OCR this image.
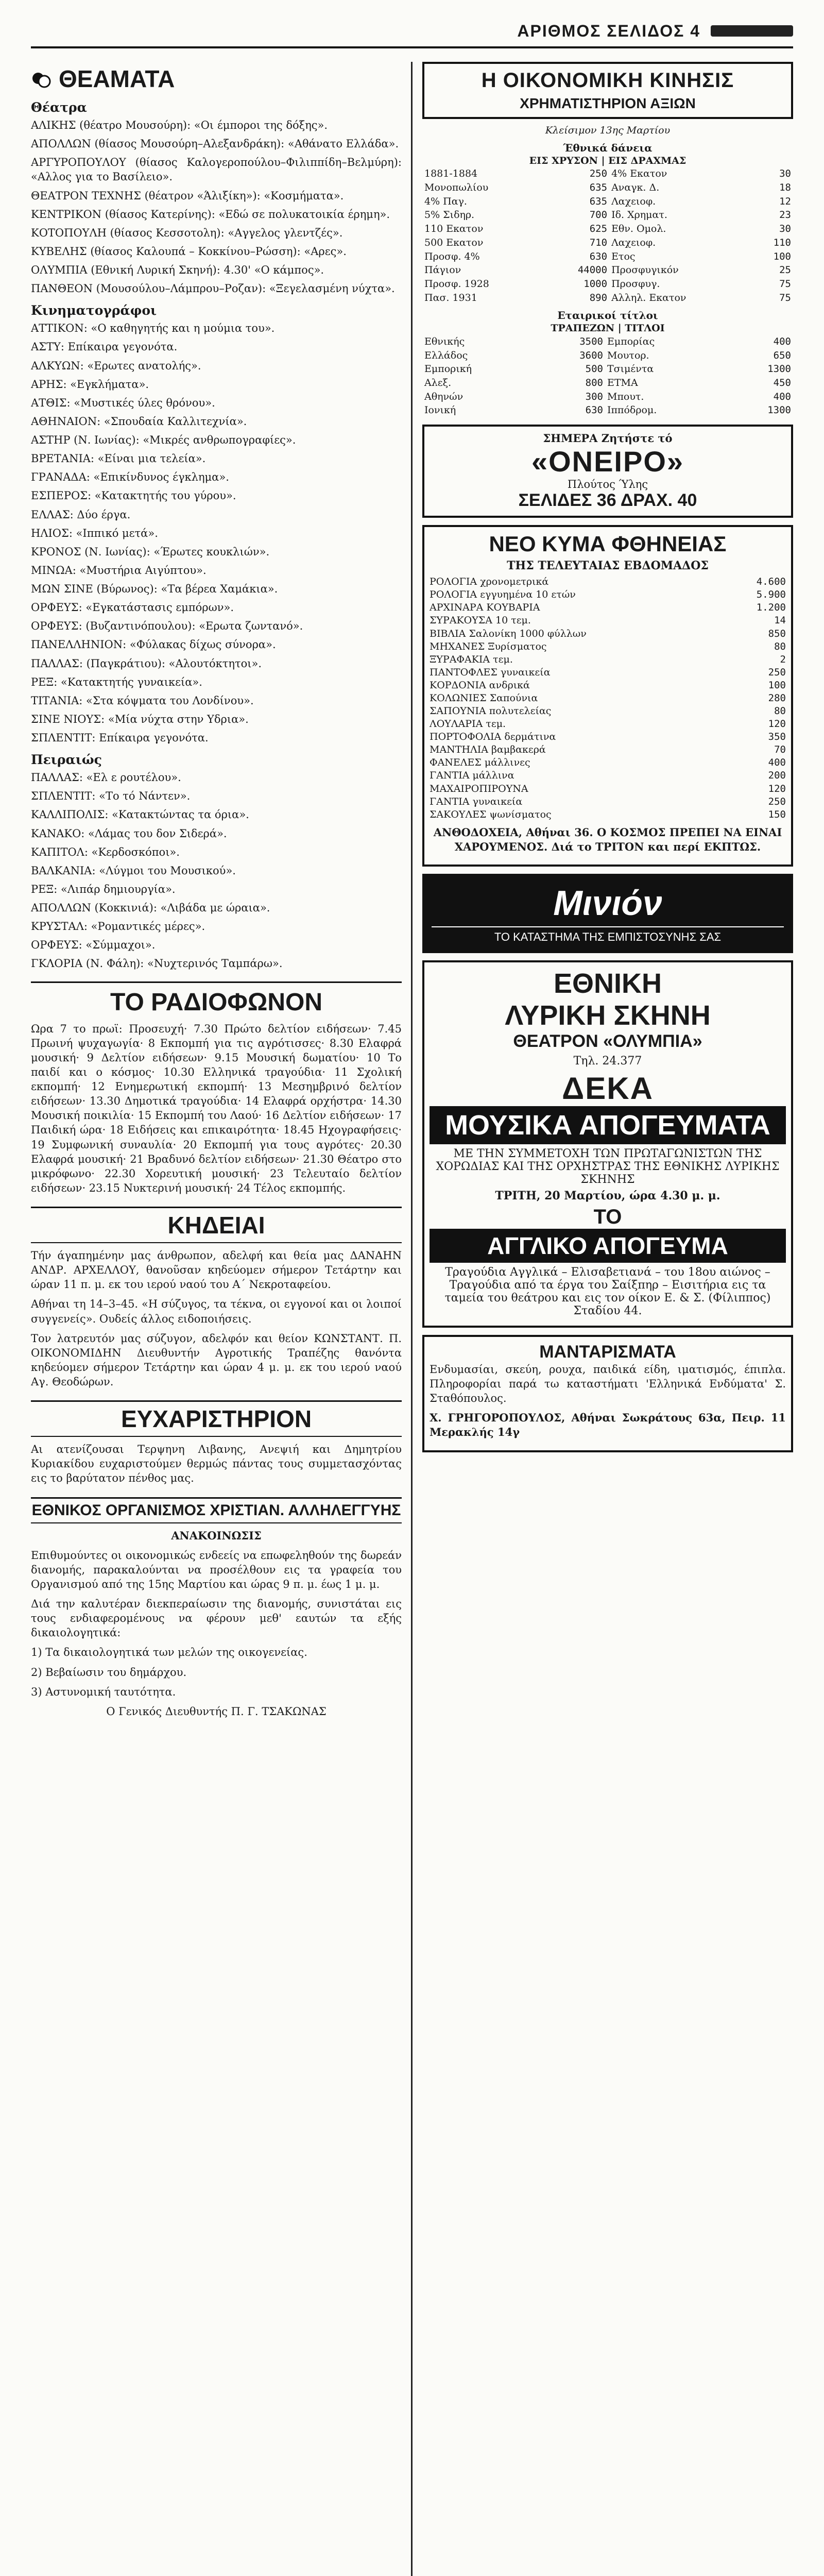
ΑΡΙΘΜΟΣ ΣΕΛΙΔΟΣ 4
ΘΕΑΜΑΤΑ
Θέατρα
ΑΛΙΚΗΣ (θέατρο Μουσούρη): «Οι έμποροι της δόξης».
ΑΠΟΛΛΩΝ (θίασος Μουσούρη–Αλεξανδράκη): «Αθάνατο Ελλάδα».
ΑΡΓΥΡΟΠΟΥΛΟΥ (θίασος Καλογεροπούλου–Φιλιππίδη–Βελμύρη): «Αλλος για το Βασίλειο».
ΘΕΑΤΡΟΝ ΤΕΧΝΗΣ (θέατρον «Άλιξίκη»): «Κοσμήματα».
ΚΕΝΤΡΙΚΟΝ (θίασος Κατερίνης): «Εδώ σε πολυκατοικία έρημη».
ΚΟΤΟΠΟΥΛΗ (θίασος Κεσσοτολη): «Αγγελος γλεντζές».
ΚΥΒΕΛΗΣ (θίασος Καλουπά – Κοκκίνου–Ρώσση): «Αρες».
ΟΛΥΜΠΙΑ (Εθνική Λυρική Σκηνή): 4.30' «Ο κάμπος».
ΠΑΝΘΕΟΝ (Μουσούλου–Λάμπρου–Ροζαν): «Ξεγελασμένη νύχτα».
Κινηματογράφοι
ΑΤΤΙΚΟΝ: «Ο καθηγητής και η μούμια του».
ΑΣΤΥ: Επίκαιρα γεγονότα.
ΑΛΚΥΩΝ: «Ερωτες ανατολής».
ΑΡΗΣ: «Εγκλήματα».
ΑΤΘΙΣ: «Μυστικές ύλες θρόνου».
ΑΘΗΝΑΙΟΝ: «Σπουδαία Καλλιτεχνία».
ΑΣΤΗΡ (Ν. Ιωνίας): «Μικρές ανθρωπογραφίες».
ΒΡΕΤΑΝΙΑ: «Είναι μια τελεία».
ΓΡΑΝΑΔΑ: «Επικίνδυνος έγκλημα».
ΕΣΠΕΡΟΣ: «Κατακτητής του γύρου».
ΕΛΛΑΣ: Δύο έργα.
ΗΛΙΟΣ: «Ιππικό μετά».
ΚΡΟΝΟΣ (Ν. Ιωνίας): «Έρωτες κουκλιών».
ΜΙΝΩΑ: «Μυστήρια Αιγύπτου».
ΜΩΝ ΣΙΝΕ (Βύρωνος): «Τα βέρεα Χαμάκια».
ΟΡΦΕΥΣ: «Εγκατάστασις εμπόρων».
ΟΡΦΕΥΣ: (Βυζαντινόπουλου): «Ερωτα ζωντανό».
ΠΑΝΕΛΛΗΝΙΟΝ: «Φύλακας δίχως σύνορα».
ΠΑΛΛΑΣ: (Παγκράτιου): «Αλουτόκτητοι».
ΡΕΞ: «Κατακτητής γυναικεία».
ΤΙΤΑΝΙΑ: «Στα κόψματα του Λονδίνου».
ΣΙΝΕ ΝΙΟΥΣ: «Μία νύχτα στην Υδρια».
ΣΠΛΕΝΤΙΤ: Επίκαιρα γεγονότα.
Πειραιώς
ΠΑΛΛΑΣ: «Ελ ε ρουτέλου».
ΣΠΛΕΝΤΙΤ: «Το τό Νάντεν».
ΚΑΛΛΙΠΟΛΙΣ: «Κατακτώντας τα όρια».
ΚΑΝΑΚΟ: «Λάμας του δον Σιδερά».
ΚΑΠΙΤΟΛ: «Κερδοσκόποι».
ΒΑΛΚΑΝΙΑ: «Λύγμοι του Μουσικού».
ΡΕΞ: «Λιπάρ δημιουργία».
ΑΠΟΛΛΩΝ (Κοκκινιά): «Λιβάδα με ώραια».
ΚΡΥΣΤΑΛ: «Ρομαντικές μέρες».
ΟΡΦΕΥΣ: «Σύμμαχοι».
ΓΚΛΟΡΙΑ (Ν. Φάλη): «Νυχτερινός Ταμπάρω».
ΤΟ ΡΑΔΙΟΦΩΝΟΝ
Ωρα 7 το πρωϊ: Προσευχή· 7.30 Πρώτο δελτίον ειδήσεων· 7.45 Πρωινή ψυχαγωγία· 8 Εκπομπή για τις αγρότισσες· 8.30 Ελαφρά μουσική· 9 Δελτίον ειδήσεων· 9.15 Μουσική δωματίου· 10 Το παιδί και ο κόσμος· 10.30 Ελληνικά τραγούδια· 11 Σχολική εκπομπή· 12 Ενημερωτική εκπομπή· 13 Μεσημβρινό δελτίον ειδήσεων· 13.30 Δημοτικά τραγούδια· 14 Ελαφρά ορχήστρα· 14.30 Μουσική ποικιλία· 15 Εκπομπή του Λαού· 16 Δελτίον ειδήσεων· 17 Παιδική ώρα· 18 Ειδήσεις και επικαιρότητα· 18.45 Ηχογραφήσεις· 19 Συμφωνική συναυλία· 20 Εκπομπή για τους αγρότες· 20.30 Ελαφρά μουσική· 21 Βραδυνό δελτίον ειδήσεων· 21.30 Θέατρο στο μικρόφωνο· 22.30 Χορευτική μουσική· 23 Τελευταίο δελτίον ειδήσεων· 23.15 Νυκτερινή μουσική· 24 Τέλος εκπομπής.
ΚΗΔΕΙΑΙ
Τήν άγαπημένην μας άνθρωπον, αδελφή και θεία μας ΔΑΝΑΗΝ ΑΝΔΡ. ΑΡΧΕΛΛΟΥ, θανοῦσαν κηδεύομεν σήμερον Τετάρτην και ώραν 11 π. μ. εκ του ιερού ναού του Α΄ Νεκροταφείου.
Αθήναι τη 14–3–45. «Η σύζυγος, τα τέκνα, οι εγγονοί και οι λοιποί συγγενείς». Ουδείς άλλος ειδοποιήσεις.
Τον λατρευτόν μας σύζυγον, αδελφόν και θείον ΚΩΝΣΤΑΝΤ. Π. ΟΙΚΟΝΟΜΙΔΗΝ Διευθυντήν Αγροτικής Τραπέζης θανόντα κηδεύομεν σήμερον Τετάρτην και ώραν 4 μ. μ. εκ του ιερού ναού Αγ. Θεοδώρων.
ΕΥΧΑΡΙΣΤΗΡΙΟΝ
Αι ατενίζουσαι Τερψηνη Λιβανης, Ανεψιή και Δημητρίου Κυριακίδου ευχαριστούμεν θερμώς πάντας τους συμμετασχόντας εις το βαρύτατον πένθος μας.
ΕΘΝΙΚΟΣ ΟΡΓΑΝΙΣΜΟΣ ΧΡΙΣΤΙΑΝ. ΑΛΛΗΛΕΓΓΥΗΣ
ΑΝΑΚΟΙΝΩΣΙΣ
Επιθυμούντες οι οικονομικώς ενδεείς να επωφεληθούν της δωρεάν διανομής, παρακαλούνται να προσέλθουν εις τα γραφεία του Οργανισμού από της 15ης Μαρτίου και ώρας 9 π. μ. έως 1 μ. μ.
Διά την καλυτέραν διεκπεραίωσιν της διανομής, συνιστάται εις τους ενδιαφερομένους να φέρουν μεθ' εαυτών τα εξής δικαιολογητικά:
1) Τα δικαιολογητικά των μελών της οικογενείας.
2) Βεβαίωσιν του δημάρχου.
3) Αστυνομική ταυτότητα.
Ο Γενικός Διευθυντής Π. Γ. ΤΣΑΚΩΝΑΣ
Η ΟΙΚΟΝΟΜΙΚΗ ΚΙΝΗΣΙΣ
ΧΡΗΜΑΤΙΣΤΗΡΙΟΝ ΑΞΙΩΝ
Κλείσιμον 13ης Μαρτίου
Έθνικά δάνεια
ΕΙΣ ΧΡΥΣΟΝ | ΕΙΣ ΔΡΑΧΜΑΣ
1881-1884	250	4% Εκατον	30
Μονοπωλίου	635	Αναγκ. Δ.	18
4% Παγ.	635	Λαχειοφ.	12
5% Σιδηρ.	700	Ιδ. Χρηματ.	23
110 Εκατον	625	Εθν. Ομολ.	30
500 Εκατον	710	Λαχειοφ.	110
Προσφ. 4%	630	Ετος	100
Πάγιον	44000	Προσφυγικόν	25
Προσφ. 1928	1000	Προσφυγ.	75
Πασ. 1931	890	Αλληλ. Εκατον	75
Εταιρικοί τίτλοι
ΤΡΑΠΕΖΩΝ | ΤΙΤΛΟΙ
Εθνικής	3500	Εμπορίας	400
Ελλάδος	3600	Μουτορ.	650
Εμπορική	500	Τσιμέντα	1300
Αλεξ.	800	ΕΤΜΑ	450
Αθηνών	300	Μπουτ.	400
Ιονική	630	Ιππόδρομ.	1300
ΣΗΜΕΡΑ Ζητήστε τό
«ΟΝΕΙΡΟ»
Πλούτος Ύλης
ΣΕΛΙΔΕΣ 36 ΔΡΑΧ. 40
ΝΕΟ ΚΥΜΑ ΦΘΗΝΕΙΑΣ
ΤΗΣ ΤΕΛΕΥΤΑΙΑΣ ΕΒΔΟΜΑΔΟΣ
ΡΟΛΟΓΙΑ χρονομετρικά	4.600
ΡΟΛΟΓΙΑ εγγυημένα 10 ετών	5.900
ΑΡΧΙΝΑΡΑ ΚΟΥΒΑΡΙΑ	1.200
ΣΥΡΑΚΟΥΣΑ 10 τεμ.	14
ΒΙΒΛΙΑ Σαλονίκη 1000 φύλλων	850
ΜΗΧΑΝΕΣ Ξυρίσματος	80
ΞΥΡΑΦΑΚΙΑ τεμ.	2
ΠΑΝΤΟΦΛΕΣ γυναικεία	250
ΚΟΡΔΟΝΙΑ ανδρικά	100
ΚΟΛΩΝΙΕΣ Σαπούνια	280
ΣΑΠΟΥΝΙΑ πολυτελείας	80
ΛΟΥΛΑΡΙΑ τεμ.	120
ΠΟΡΤΟΦΟΛΙΑ δερμάτινα	350
ΜΑΝΤΗΛΙΑ βαμβακερά	70
ΦΑΝΕΛΕΣ μάλλινες	400
ΓΑΝΤΙΑ μάλλινα	200
ΜΑΧΑΙΡΟΠΙΡΟΥΝΑ	120
ΓΑΝΤΙΑ γυναικεία	250
ΣΑΚΟΥΛΕΣ ψωνίσματος	150
ΑΝΘΟΔΟΧΕΙΑ, Αθήναι 36. Ο ΚΟΣΜΟΣ ΠΡΕΠΕΙ ΝΑ ΕΙΝΑΙ ΧΑΡΟΥΜΕΝΟΣ. Διά το ΤΡΙΤΟΝ και περί ΕΚΠΤΩΣ.
Μινιόν
ΤΟ ΚΑΤΑΣΤΗΜΑ ΤΗΣ ΕΜΠΙΣΤΟΣΥΝΗΣ ΣΑΣ
ΕΘΝΙΚΗ
ΛΥΡΙΚΗ ΣΚΗΝΗ
ΘΕΑΤΡΟΝ «ΟΛΥΜΠΙΑ»
Τηλ. 24.377
ΔΕΚΑ
ΜΟΥΣΙΚΑ ΑΠΟΓΕΥΜΑΤΑ
ΜΕ ΤΗΝ ΣΥΜΜΕΤΟΧΗ ΤΩΝ ΠΡΩΤΑΓΩΝΙΣΤΩΝ ΤΗΣ ΧΟΡΩΔΙΑΣ ΚΑΙ ΤΗΣ ΟΡΧΗΣΤΡΑΣ ΤΗΣ ΕΘΝΙΚΗΣ ΛΥΡΙΚΗΣ ΣΚΗΝΗΣ
ΤΡΙΤΗ, 20 Μαρτίου, ώρα 4.30 μ. μ.
ΤΟ
ΑΓΓΛΙΚΟ ΑΠΟΓΕΥΜΑ
Τραγούδια Αγγλικά – Ελισαβετιανά – του 18ου αιώνος – Τραγούδια από τα έργα του Σαίξπηρ – Εισιτήρια εις τα ταμεία του θεάτρου και εις τον οίκον Ε. & Σ. (Φίλιππος) Σταδίου 44.
ΜΑΝΤΑΡΙΣΜΑΤΑ
Ενδυμασίαι, σκεύη, ρουχα, παιδικά είδη, ιματισμός, έπιπλα. Πληροφορίαι παρά τω καταστήματι 'Ελληνικά Ενδύματα' Σ. Σταθόπουλος.
Χ. ΓΡΗΓΟΡΟΠΟΥΛΟΣ, Αθήναι Σωκράτους 63α, Πειρ. 11 Μερακλής 14γ
